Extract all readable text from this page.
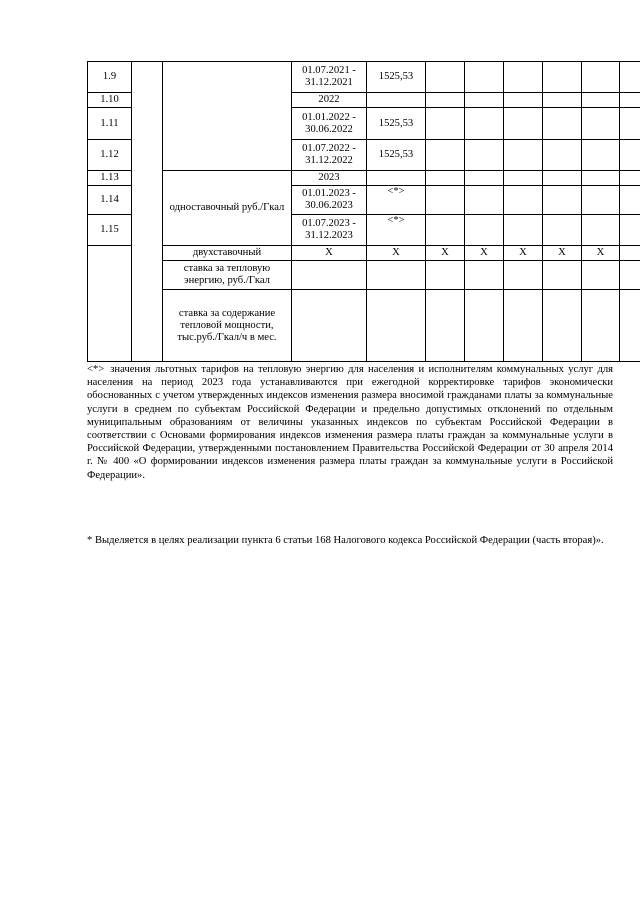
1.9			01.07.2021 - 31.12.2021	1525,53						
1.10			2022							
1.11			01.01.2022 - 30.06.2022	1525,53						
1.12			01.07.2022 - 31.12.2022	1525,53						
1.13		одноставочный руб./Гкал	2023							
1.14			01.01.2023 - 30.06.2023	<*>						
1.15			01.07.2023 - 31.12.2023	<*>						
		двухставочный	X	X	X	X	X	X	X	
		ставка за тепловую энергию, руб./Гкал								
		ставка за содержание тепловой мощности, тыс.руб./Гкал/ч в мес.								

<*> значения льготных тарифов на тепловую энергию для населения и исполнителям коммунальных услуг для населения на период 2023 года устанавливаются при ежегодной корректировке тарифов экономически обоснованных с учетом утвержденных индексов изменения размера вносимой гражданами платы за коммунальные услуги в среднем по субъектам Российской Федерации и предельно допустимых отклонений по отдельным муниципальным образованиям от величины указанных индексов по субъектам Российской Федерации в соответствии с Основами формирования индексов изменения размера платы граждан за коммунальные услуги в Российской Федерации, утвержденными постановлением Правительства Российской Федерации от 30 апреля 2014 г. № 400 «О формировании индексов изменения размера платы граждан за коммунальные услуги в Российской Федерации».

* Выделяется в целях реализации пункта 6 статьи 168 Налогового кодекса Российской Федерации (часть вторая)».
